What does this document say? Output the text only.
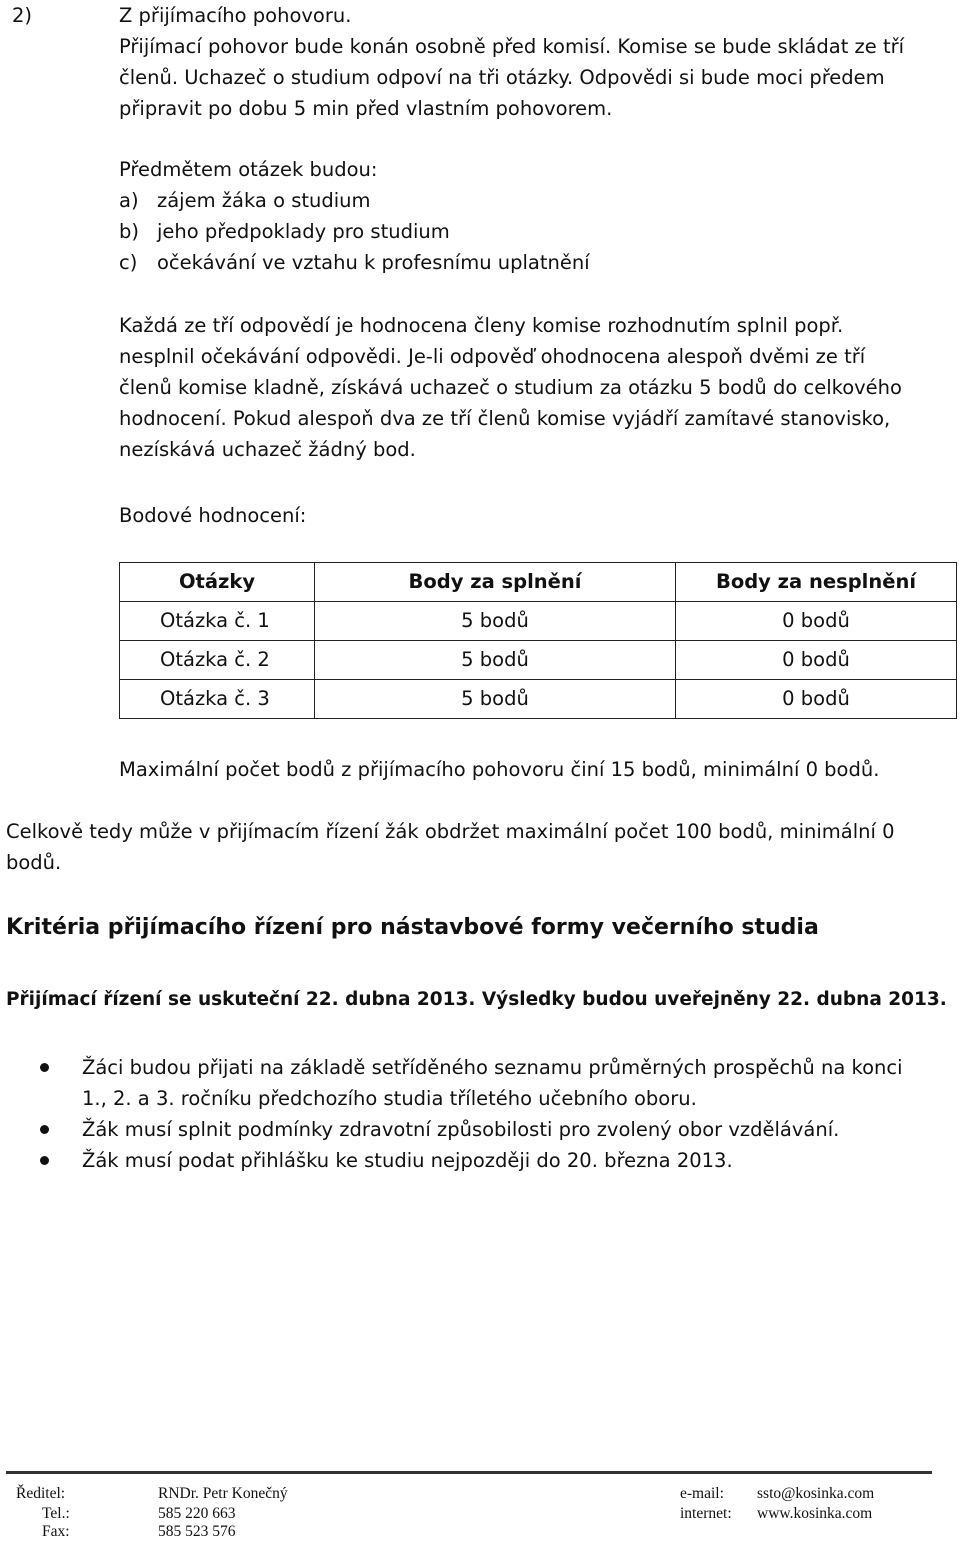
2)	Z přijímacího pohovoru.
Přijímací pohovor bude konán osobně před komisí. Komise se bude skládat ze tří
členů. Uchazeč o studium odpoví na tři otázky. Odpovědi si bude moci předem
připravit po dobu 5 min před vlastním pohovorem.
Předmětem otázek budou:
a) zájem žáka o studium
b) jeho předpoklady pro studium
c)	očekávání ve vztahu k profesnímu uplatnění
Každá ze tří odpovědí je hodnocena členy komise rozhodnutím splnil popř.
nesplnil očekávání odpovědi. Je-li odpověď ohodnocena alespoň dvěmi ze tří
členů komise kladně, získává uchazeč o studium za otázku 5 bodů do celkového
hodnocení. Pokud alespoň dva ze tří členů komise vyjádří zamítavé stanovisko,
nezískává uchazeč žádný bod.
Bodové hodnocení:
Otázky	Body za splnění	Body za nesplnění
Otázka č. 1	5 bodů	0 bodů
Otázka č. 2	5 bodů	0 bodů
Otázka č. 3	5 bodů	0 bodů
Maximální počet bodů z přijímacího pohovoru činí 15 bodů, minimální 0 bodů.
Celkově tedy může v přijímacím řízení žák obdržet maximální počet 100 bodů, minimální 0
bodů.
Kritéria přijímacího řízení pro nástavbové formy večerního studia
Přijímací řízení se uskuteční 22. dubna 2013. Výsledky budou uveřejněny 22. dubna 2013.
Žáci budou přijati na základě setříděného seznamu průměrných prospěchů na konci
1., 2. a 3. ročníku předchozího studia tříletého učebního oboru.
Žák musí splnit podmínky zdravotní způsobilosti pro zvolený obor vzdělávání.
Žák musí podat přihlášku ke studiu nejpozději do 20. března 2013.
Ředitel:	RNDr. Petr Konečný	e-mail: ssto@kosinka.com
Tel.:	585 220 663	internet: www.kosinka.com
Fax:	585 523 576
